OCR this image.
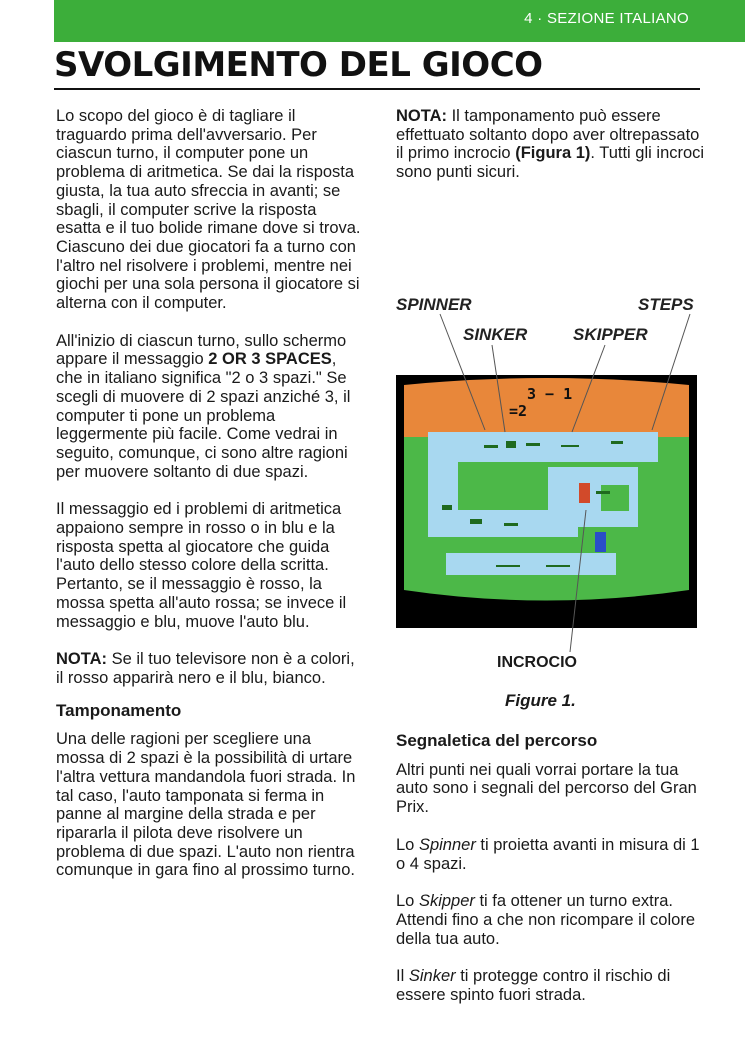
4 · SEZIONE ITALIANO
SVOLGIMENTO DEL GIOCO

Lo scopo del gioco è di tagliare il traguardo prima dell'avversario. Per ciascun turno, il computer pone un problema di aritmetica. Se dai la risposta giusta, la tua auto sfreccia in avanti; se sbagli, il computer scrive la risposta esatta e il tuo bolide rimane dove si trova. Ciascuno dei due giocatori fa a turno con l'altro nel risolvere i problemi, mentre nei giochi per una sola persona il giocatore si alterna con il computer.

All'inizio di ciascun turno, sullo schermo appare il messaggio 2 OR 3 SPACES, che in italiano significa "2 o 3 spazi." Se scegli di muovere di 2 spazi anziché 3, il computer ti pone un problema leggermente più facile. Come vedrai in seguito, comunque, ci sono altre ragioni per muovere soltanto di due spazi.

Il messaggio ed i problemi di aritmetica appaiono sempre in rosso o in blu e la risposta spetta al giocatore che guida l'auto dello stesso colore della scritta. Pertanto, se il messaggio è rosso, la mossa spetta all'auto rossa; se invece il messaggio e blu, muove l'auto blu.

NOTA: Se il tuo televisore non è a colori, il rosso apparirà nero e il blu, bianco.

Tamponamento

Una delle ragioni per scegliere una mossa di 2 spazi è la possibilità di urtare l'altra vettura mandandola fuori strada. In tal caso, l'auto tamponata si ferma in panne al margine della strada e per ripararla il pilota deve risolvere un problema di due spazi. L'auto non rientra comunque in gara fino al prossimo turno.

NOTA: Il tamponamento può essere effettuato soltanto dopo aver oltrepassato il primo incrocio (Figura 1). Tutti gli incroci sono punti sicuri.

SPINNER	STEPS
SINKER	SKIPPER
3 − 1
=2
INCROCIO
Figure 1.

Segnaletica del percorso

Altri punti nei quali vorrai portare la tua auto sono i segnali del percorso del Gran Prix.

Lo Spinner ti proietta avanti in misura di 1 o 4 spazi.

Lo Skipper ti fa ottener un turno extra. Attendi fino a che non ricompare il colore della tua auto.

Il Sinker ti protegge contro il rischio di essere spinto fuori strada.
